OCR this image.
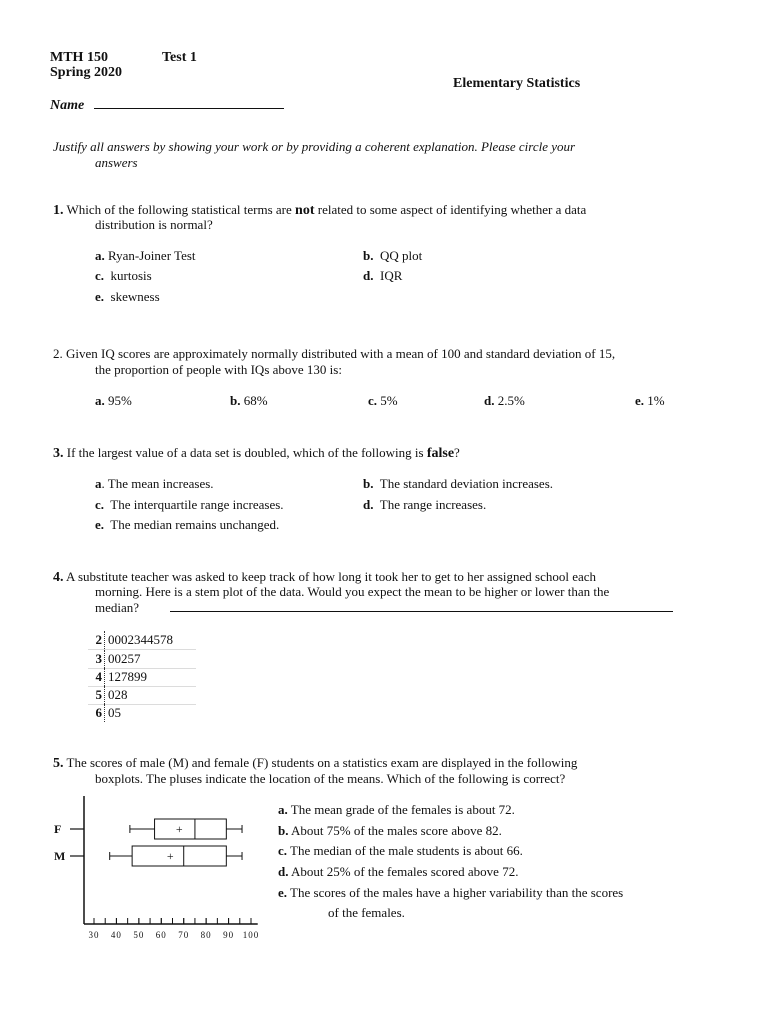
MTH 150	Test 1
Spring 2020
Elementary Statistics
Name
Justify all answers by showing your work or by providing a coherent explanation. Please circle your
answers
1. Which of the following statistical terms are not related to some aspect of identifying whether a data
distribution is normal?
a. Ryan-Joiner Test	b. QQ plot
c. kurtosis	d. IQR
e. skewness
2. Given IQ scores are approximately normally distributed with a mean of 100 and standard deviation of 15,
the proportion of people with IQs above 130 is:
a. 95%	b. 68%	c. 5%	d. 2.5%	e. 1%
3. If the largest value of a data set is doubled, which of the following is false?
a. The mean increases.	b. The standard deviation increases.
c. The interquartile range increases.	d. The range increases.
e. The median remains unchanged.
4. A substitute teacher was asked to keep track of how long it took her to get to her assigned school each
morning. Here is a stem plot of the data. Would you expect the mean to be higher or lower than the
median?
2 0002344578
3 00257
4 127899
5 028
6 05
5. The scores of male (M) and female (F) students on a statistics exam are displayed in the following
boxplots. The pluses indicate the location of the means. Which of the following is correct?
30 40 50 60 70 80 90 100
F	+
M	+
a. The mean grade of the females is about 72.
b. About 75% of the males score above 82.
c. The median of the male students is about 66.
d. About 25% of the females scored above 72.
e. The scores of the males have a higher variability than the scores
of the females.
